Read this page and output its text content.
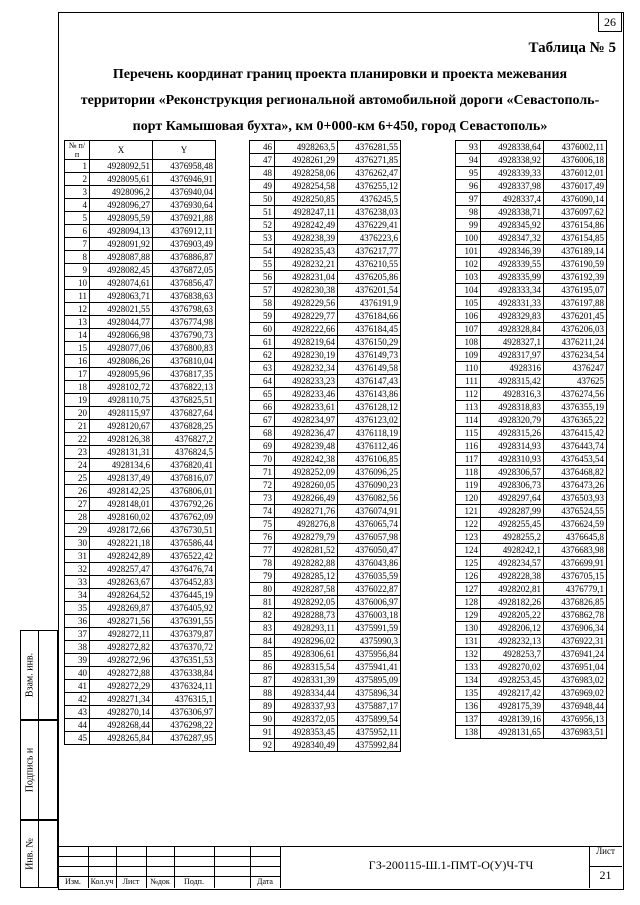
26
Взам. инв.
Подпись и
Инв. №
Таблица № 5
Перечень координат границ проекта планировки и проекта межевания
территории «Реконструкция региональной автомобильной дороги «Севастополь-
порт Камышовая бухта», км 0+000-км 6+450, город Севастополь»
№ п/п	X	Y
1	4928092,51	4376958,48
2	4928095,61	4376946,91
3	4928096,2	4376940,04
4	4928096,27	4376930,64
5	4928095,59	4376921,88
6	4928094,13	4376912,11
7	4928091,92	4376903,49
8	4928087,88	4376886,87
9	4928082,45	4376872,05
10	4928074,61	4376856,47
11	4928063,71	4376838,63
12	4928021,55	4376798,63
13	4928044,77	4376774,98
14	4928066,98	4376790,73
15	4928077,06	4376800,83
16	4928086,26	4376810,04
17	4928095,96	4376817,35
18	4928102,72	4376822,13
19	4928110,75	4376825,51
20	4928115,97	4376827,64
21	4928120,67	4376828,25
22	4928126,38	4376827,2
23	4928131,31	4376824,5
24	4928134,6	4376820,41
25	4928137,49	4376816,07
26	4928142,25	4376806,01
27	4928148,01	4376792,26
28	4928160,02	4376762,09
29	4928172,66	4376730,51
30	4928221,18	4376586,44
31	4928242,89	4376522,42
32	4928257,47	4376476,74
33	4928263,67	4376452,83
34	4928264,52	4376445,19
35	4928269,87	4376405,92
36	4928271,56	4376391,55
37	4928272,11	4376379,87
38	4928272,82	4376370,72
39	4928272,96	4376351,53
40	4928272,88	4376338,84
41	4928272,29	4376324,11
42	4928271,34	4376315,1
43	4928270,14	4376306,97
44	4928268,44	4376298,22
45	4928265,84	4376287,95
46	4928263,5	4376281,55
47	4928261,29	4376271,85
48	4928258,06	4376262,47
49	4928254,58	4376255,12
50	4928250,85	4376245,5
51	4928247,11	4376238,03
52	4928242,49	4376229,41
53	4928238,39	4376223,6
54	4928235,43	4376217,77
55	4928232,21	4376210,55
56	4928231,04	4376205,86
57	4928230,38	4376201,54
58	4928229,56	4376191,9
59	4928229,77	4376184,66
60	4928222,66	4376184,45
61	4928219,64	4376150,29
62	4928230,19	4376149,73
63	4928232,34	4376149,58
64	4928233,23	4376147,43
65	4928233,46	4376143,86
66	4928233,61	4376128,12
67	4928234,97	4376123,02
68	4928236,47	4376118,19
69	4928239,48	4376112,46
70	4928242,38	4376106,85
71	4928252,09	4376096,25
72	4928260,05	4376090,23
73	4928266,49	4376082,56
74	4928271,76	4376074,91
75	4928276,8	4376065,74
76	4928279,79	4376057,98
77	4928281,52	4376050,47
78	4928282,88	4376043,86
79	4928285,12	4376035,59
80	4928287,58	4376022,87
81	4928292,05	4376006,97
82	4928288,73	4376003,18
83	4928293,11	4375991,59
84	4928296,02	4375990,3
85	4928306,61	4375956,84
86	4928315,54	4375941,41
87	4928331,39	4375895,09
88	4928334,44	4375896,34
89	4928337,93	4375887,17
90	4928372,05	4375899,54
91	4928353,45	4375952,11
92	4928340,49	4375992,84
93	4928338,64	4376002,11
94	4928338,92	4376006,18
95	4928339,33	4376012,01
96	4928337,98	4376017,49
97	4928337,4	4376090,14
98	4928338,71	4376097,62
99	4928345,92	4376154,86
100	4928347,32	4376154,85
101	4928346,39	4376189,14
102	4928339,55	4376190,59
103	4928335,99	4376192,39
104	4928333,34	4376195,07
105	4928331,33	4376197,88
106	4928329,83	4376201,45
107	4928328,84	4376206,03
108	4928327,1	4376211,24
109	4928317,97	4376234,54
110	4928316	4376247
111	4928315,42	437625
112	4928316,3	4376274,56
113	4928318,83	4376355,19
114	4928320,79	4376365,22
115	4928315,26	4376415,42
116	4928314,93	4376443,74
117	4928310,93	4376453,54
118	4928306,57	4376468,82
119	4928306,73	4376473,26
120	4928297,64	4376503,93
121	4928287,99	4376524,55
122	4928255,45	4376624,59
123	4928255,2	4376645,8
124	4928242,1	4376683,98
125	4928234,57	4376699,91
126	4928228,38	4376705,15
127	4928202,81	4376779,1
128	4928182,26	4376826,85
129	4928205,22	4376862,78
130	4928206,12	4376906,34
131	4928232,13	4376922,31
132	4928253,7	4376941,24
133	4928270,02	4376951,04
134	4928253,45	4376983,02
135	4928217,42	4376969,02
136	4928175,39	4376948,44
137	4928139,16	4376956,13
138	4928131,65	4376983,51
ГЗ-200115-Ш.1-ПМТ-О(У)Ч-ТЧ
Лист
21
Изм.	Кол.уч	Лист	№док	Подп.	Дата
